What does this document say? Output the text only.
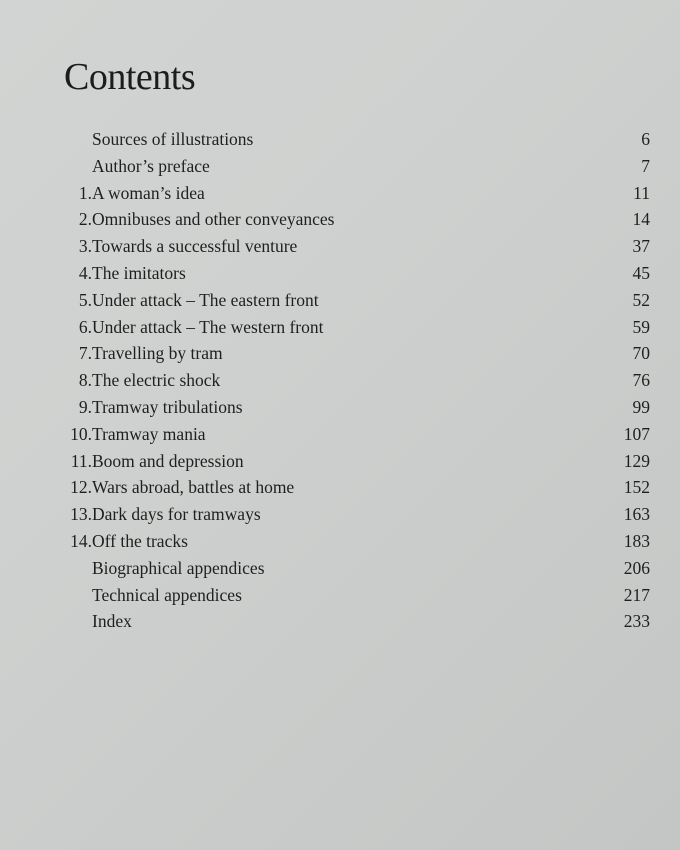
Contents
Sources of illustrations	6
Author’s preface	7
1. A woman’s idea	11
2. Omnibuses and other conveyances	14
3. Towards a successful venture	37
4. The imitators	45
5. Under attack – The eastern front	52
6. Under attack – The western front	59
7. Travelling by tram	70
8. The electric shock	76
9. Tramway tribulations	99
10. Tramway mania	107
11. Boom and depression	129
12. Wars abroad, battles at home	152
13. Dark days for tramways	163
14. Off the tracks	183
Biographical appendices	206
Technical appendices	217
Index	233
